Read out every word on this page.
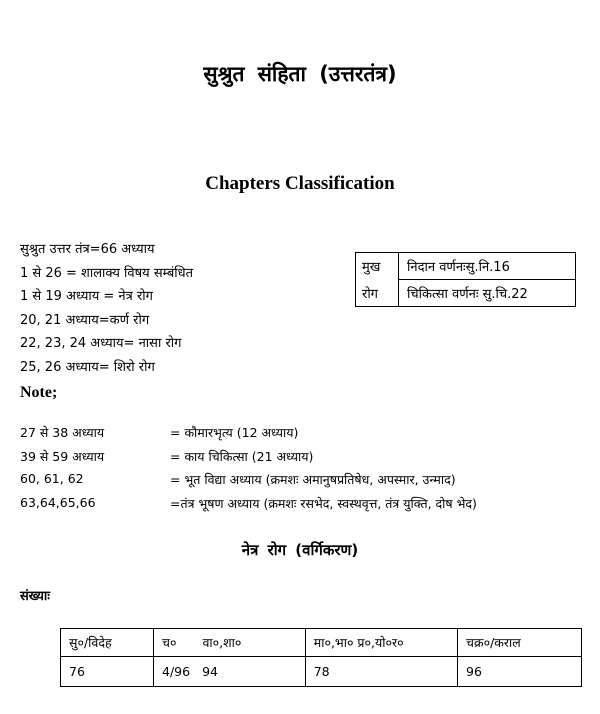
सुश्रुत संहिता (उत्तरतंत्र)
Chapters Classification
सुश्रुत उत्तर तंत्र=66 अध्याय
1 से 26 = शालाक्य विषय सम्बंधित
1 से 19 अध्याय = नेत्र रोग
20, 21 अध्याय=कर्ण रोग
22, 23, 24 अध्याय= नासा रोग
25, 26 अध्याय= शिरो रोग
मुख	निदान वर्णनःसु.नि.16
रोग	चिकित्सा वर्णनः सु.चि.22
Note;
27 से 38 अध्याय	= कौमारभृत्य (12 अध्याय)
39 से 59 अध्याय	= काय चिकित्सा (21 अध्याय)
60, 61, 62	= भूत विद्या अध्याय (क्रमशः अमानुषप्रतिषेध, अपस्मार, उन्माद)
63,64,65,66	=तंत्र भूषण अध्याय (क्रमशः रसभेद, स्वस्थवृत्त, तंत्र युक्ति, दोष भेद)
नेत्र रोग (वर्गिकरण)
संख्याः
सु०/विदेह	च० वा०,शा०	मा०,भा० प्र०,यो०र०	चक्र०/कराल
76	4/96 94	78	96
